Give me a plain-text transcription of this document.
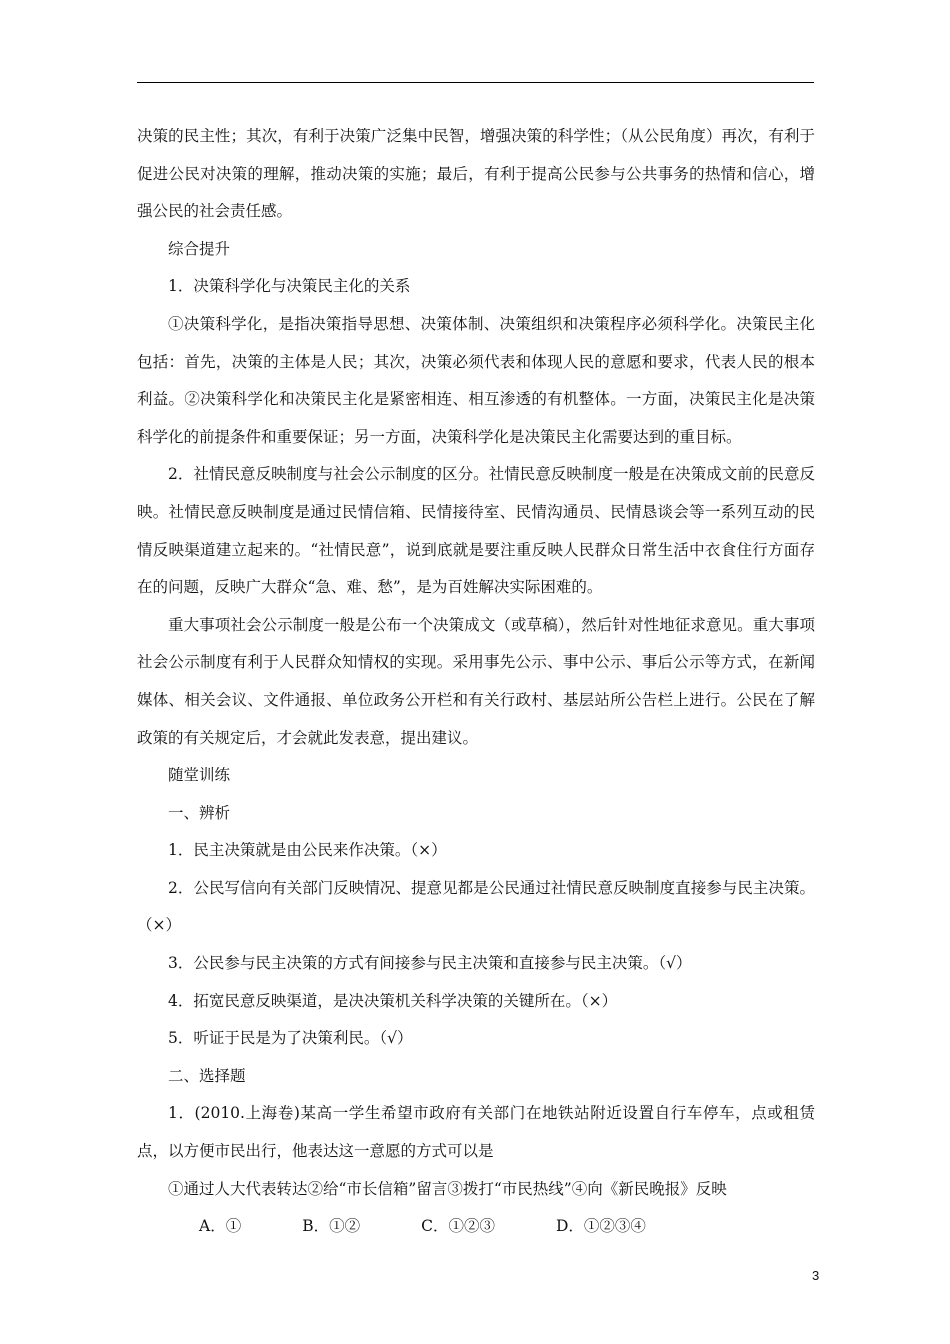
决策的民主性；其次，有利于决策广泛集中民智，增强决策的科学性；（从公民角度）再次，有利于促进公民对决策的理解，推动决策的实施；最后，有利于提高公民参与公共事务的热情和信心，增强公民的社会责任感。

综合提升

1．决策科学化与决策民主化的关系

①决策科学化，是指决策指导思想、决策体制、决策组织和决策程序必须科学化。决策民主化包括：首先，决策的主体是人民；其次，决策必须代表和体现人民的意愿和要求，代表人民的根本利益。②决策科学化和决策民主化是紧密相连、相互渗透的有机整体。一方面，决策民主化是决策科学化的前提条件和重要保证；另一方面，决策科学化是决策民主化需要达到的重目标。

2．社情民意反映制度与社会公示制度的区分。社情民意反映制度一般是在决策成文前的民意反映。社情民意反映制度是通过民情信箱、民情接待室、民情沟通员、民情恳谈会等一系列互动的民情反映渠道建立起来的。“社情民意”，说到底就是要注重反映人民群众日常生活中衣食住行方面存在的问题，反映广大群众“急、难、愁”，是为百姓解决实际困难的。

重大事项社会公示制度一般是公布一个决策成文（或草稿），然后针对性地征求意见。重大事项社会公示制度有利于人民群众知情权的实现。采用事先公示、事中公示、事后公示等方式，在新闻媒体、相关会议、文件通报、单位政务公开栏和有关行政村、基层站所公告栏上进行。公民在了解政策的有关规定后，才会就此发表意，提出建议。

随堂训练

一、辨析

1．民主决策就是由公民来作决策。（×）

2．公民写信向有关部门反映情况、提意见都是公民通过社情民意反映制度直接参与民主决策。（×）

3．公民参与民主决策的方式有间接参与民主决策和直接参与民主决策。（√）

4．拓宽民意反映渠道，是决决策机关科学决策的关键所在。（×）

5．听证于民是为了决策利民。（√）

二、选择题

1．(2010.上海卷)某高一学生希望市政府有关部门在地铁站附近设置自行车停车，点或租赁点，以方便市民出行，他表达这一意愿的方式可以是

①通过人大代表转达②给“市长信箱”留言③拨打“市民热线”④向《新民晚报》反映

A．①	B．①②	C．①②③	D．①②③④

3
